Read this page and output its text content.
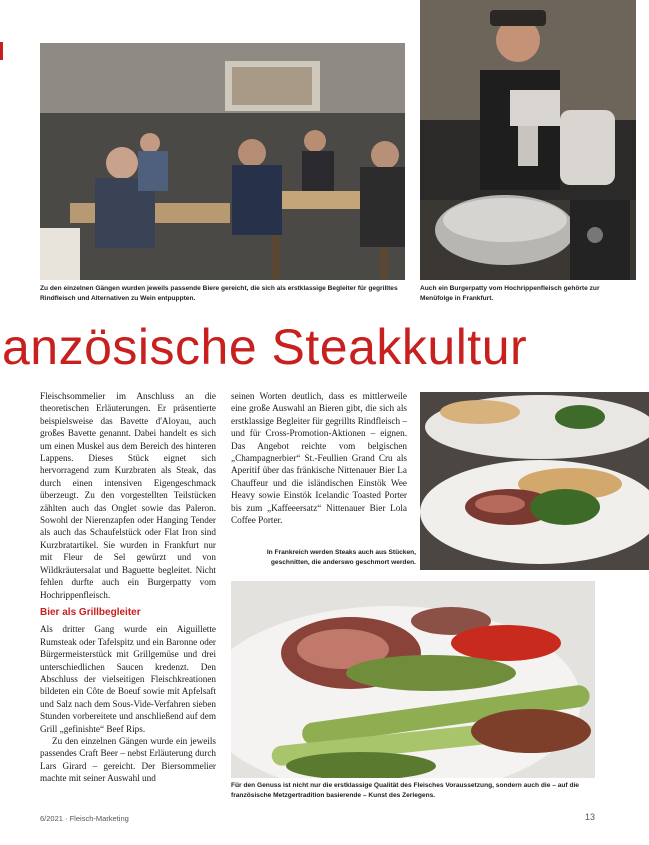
Zu den einzelnen Gängen wurden jeweils passende Biere gereicht, die sich als erstklassige Begleiter für gegrilltes Rindfleisch und Alternativen zu Wein entpuppten.
Auch ein Burgerpatty vom Hochrippenfleisch gehörte zur Menüfolge in Frankfurt.
anzösische Steakkultur

Fleischsommelier im Anschluss an die theoretischen Erläuterungen. Er präsentierte beispielsweise das Bavette d'Aloyau, auch großes Bavette genannt. Dabei handelt es sich um einen Muskel aus dem Bereich des hinteren Lappens. Dieses Stück eignet sich hervorragend zum Kurzbraten als Steak, das durch einen intensiven Eigengeschmack überzeugt. Zu den vorgestellten Teilstücken zählten auch das Onglet sowie das Paleron. Sowohl der Nierenzapfen oder Hanging Tender als auch das Schaufelstück oder Flat Iron sind Kurzbratartikel. Sie wurden in Frankfurt nur mit Fleur de Sel gewürzt und von Wildkräutersalat und Baguette begleitet. Nicht fehlen durfte auch ein Burgerpatty vom Hochrippenfleisch.

Bier als Grillbegleiter

Als dritter Gang wurde ein Aiguillette Rumsteak oder Tafelspitz und ein Baronne oder Bürgermeisterstück mit Grillgemüse und drei unterschiedlichen Saucen kredenzt. Den Abschluss der vielseitigen Fleischkreationen bildeten ein Côte de Boeuf sowie mit Apfelsaft und Salz nach dem Sous-Vide-Verfahren sieben Stunden vorbereitete und anschließend auf dem Grill „gefinishte“ Beef Rips.

Zu den einzelnen Gängen wurde ein jeweils passendes Craft Beer – nebst Erläuterung durch Lars Girard – gereicht. Der Biersommelier machte mit seiner Auswahl und

seinen Worten deutlich, dass es mittlerweile eine große Auswahl an Bieren gibt, die sich als erstklassige Begleiter für gegrillts Rindfleisch – und für Cross-Promotion-Aktionen – eignen. Das Angebot reichte vom belgischen „Champagnerbier“ St.-Feullien Grand Cru als Aperitif über das fränkische Nittenauer Bier La Chauffeur und die isländischen Einstök Wee Heavy sowie Einstök Icelandic Toasted Porter bis zum „Kaffeeersatz“ Nittenauer Bier Lola Coffee Porter.

In Frankreich werden Steaks auch aus Stücken, geschnitten, die anderswo geschmort werden.
Für den Genuss ist nicht nur die erstklassige Qualität des Fleisches Voraussetzung, sondern auch die – auf die französische Metzgertradition basierende – Kunst des Zerlegens.
6/2021 · Fleisch-Marketing	13
